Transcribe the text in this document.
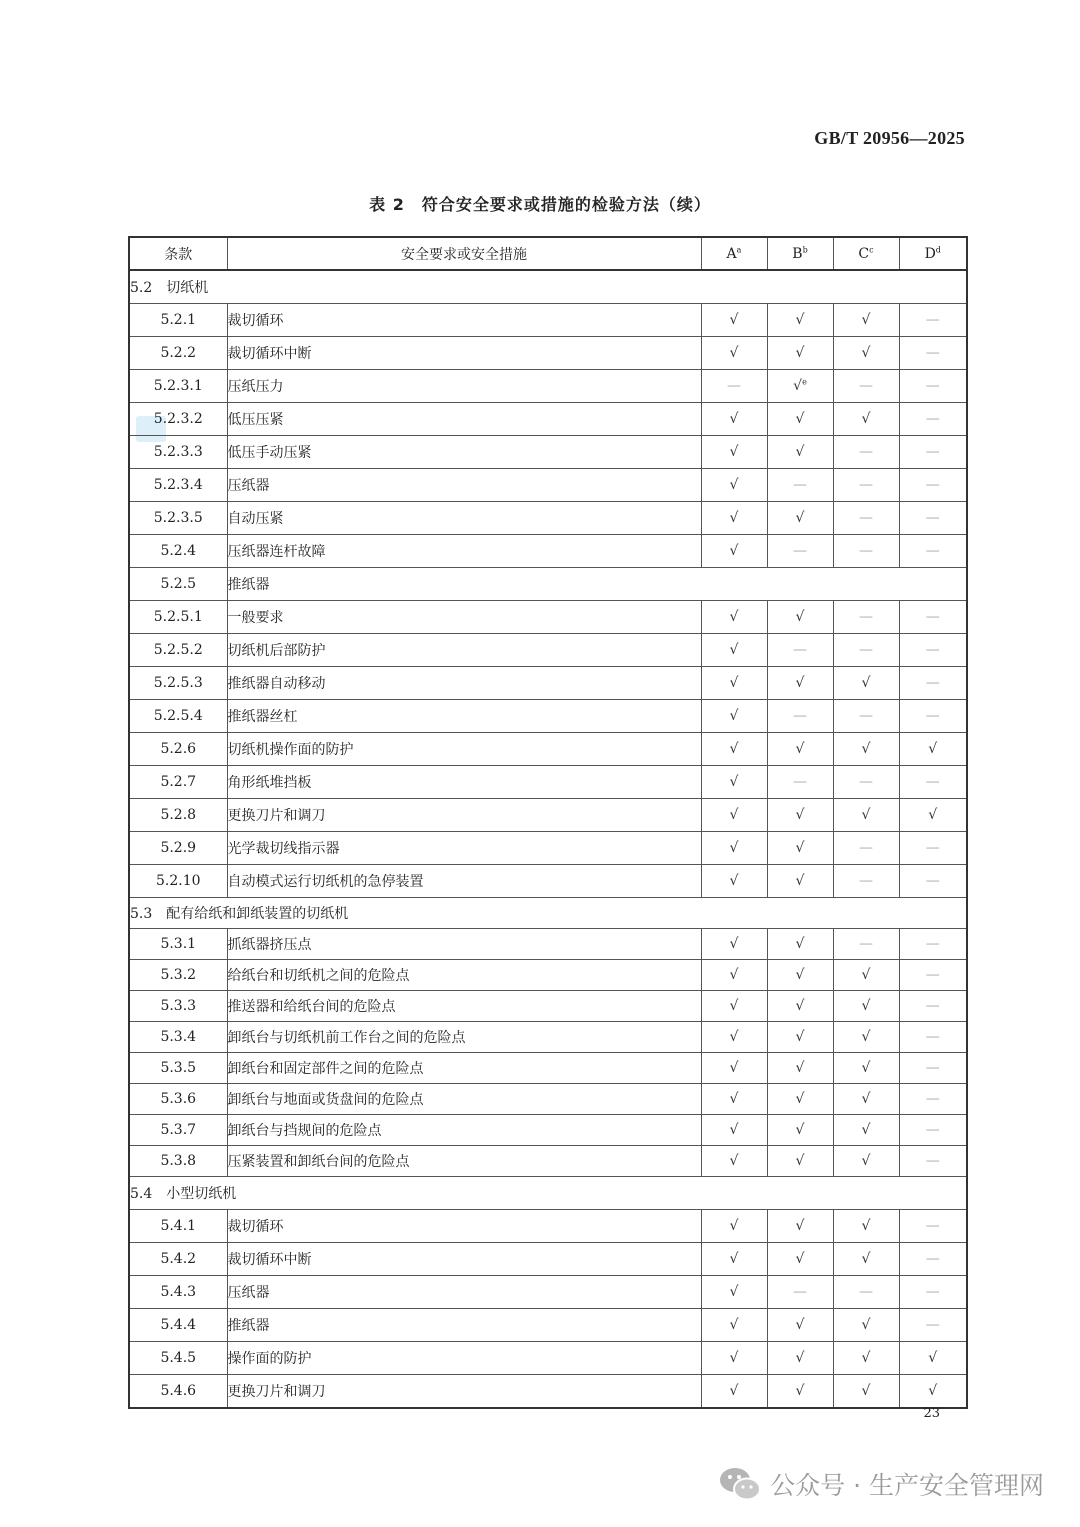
GB/T 20956—2025
表 2　符合安全要求或措施的检验方法（续）
条款	安全要求或安全措施	$A^a$	$B^b$	$C^c$	$D^d$
5.2　切纸机					
5.2.1	裁切循环	√	√	√	—
5.2.2	裁切循环中断	√	√	√	—
5.2.3.1	压纸压力	—	√$^e$	—	—
5.2.3.2	低压压紧	√	√	√	—
5.2.3.3	低压手动压紧	√	√	—	—
5.2.3.4	压纸器	√	—	—	—
5.2.3.5	自动压紧	√	√	—	—
5.2.4	压纸器连杆故障	√	—	—	—
5.2.5	推纸器				
5.2.5.1	一般要求	√	√	—	—
5.2.5.2	切纸机后部防护	√	—	—	—
5.2.5.3	推纸器自动移动	√	√	√	—
5.2.5.4	推纸器丝杠	√	—	—	—
5.2.6	切纸机操作面的防护	√	√	√	√
5.2.7	角形纸堆挡板	√	—	—	—
5.2.8	更换刀片和调刀	√	√	√	√
5.2.9	光学裁切线指示器	√	√	—	—
5.2.10	自动模式运行切纸机的急停装置	√	√	—	—
5.3　配有给纸和卸纸装置的切纸机					
5.3.1	抓纸器挤压点	√	√	—	—
5.3.2	给纸台和切纸机之间的危险点	√	√	√	—
5.3.3	推送器和给纸台间的危险点	√	√	√	—
5.3.4	卸纸台与切纸机前工作台之间的危险点	√	√	√	—
5.3.5	卸纸台和固定部件之间的危险点	√	√	√	—
5.3.6	卸纸台与地面或货盘间的危险点	√	√	√	—
5.3.7	卸纸台与挡规间的危险点	√	√	√	—
5.3.8	压紧装置和卸纸台间的危险点	√	√	√	—
5.4　小型切纸机					
5.4.1	裁切循环	√	√	√	—
5.4.2	裁切循环中断	√	√	√	—
5.4.3	压纸器	√	—	—	—
5.4.4	推纸器	√	√	√	—
5.4.5	操作面的防护	√	√	√	√
5.4.6	更换刀片和调刀	√	√	√	√
23
公众号 · 生产安全管理网
